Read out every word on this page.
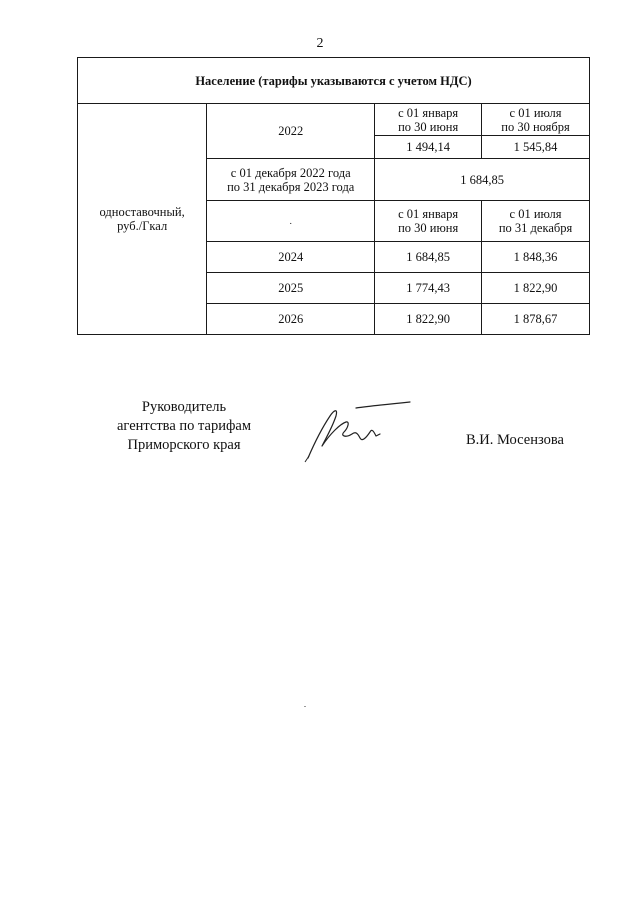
2
Население (тарифы указываются с учетом НДС)			
одноставочный,
руб./Гкал	2022	с 01 января
по 30 июня	с 01 июля
по 30 ноября
		1 494,14	1 545,84
	с 01 декабря 2022 года
по 31 декабря 2023 года	1 684,85	
	.	с 01 января
по 30 июня	с 01 июля
по 31 декабря
	2024	1 684,85	1 848,36
	2025	1 774,43	1 822,90
	2026	1 822,90	1 878,67
Руководитель
агентства по тарифам
Приморского края	В.И. Мосензова
